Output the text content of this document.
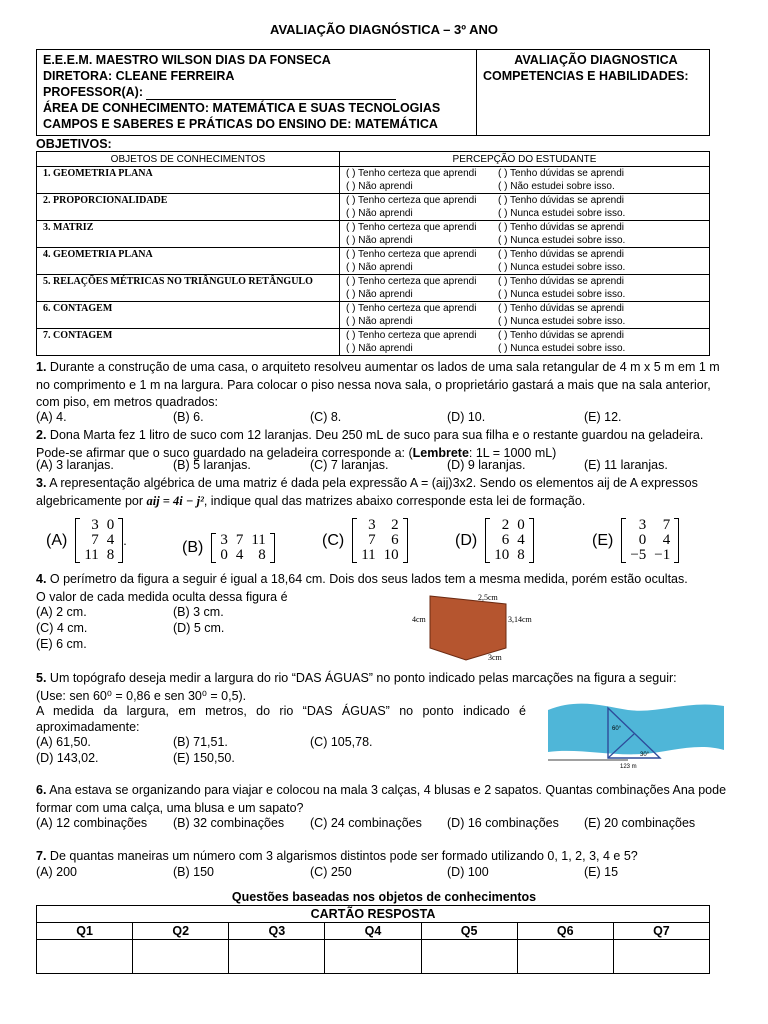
AVALIAÇÃO DIAGNÓSTICA – 3º ANO
E.E.E.M. MAESTRO WILSON DIAS DA FONSECA
DIRETORA: CLEANE FERREIRA
PROFESSOR(A):
ÁREA DE CONHECIMENTO: MATEMÁTICA E SUAS TECNOLOGIAS
CAMPOS E SABERES E PRÁTICAS DO ENSINO DE: MATEMÁTICA
AVALIAÇÃO DIAGNOSTICA
COMPETENCIAS E HABILIDADES:
OBJETIVOS:
OBJETOS DE CONHECIMENTOS	PERCEPÇÃO DO ESTUDANTE
1. GEOMETRIA PLANA	( ) Tenho certeza que aprendi ( ) Tenho dúvidas se aprendi
( ) Não aprendi ( ) Não estudei sobre isso.

2. PROPORCIONALIDADE	( ) Tenho certeza que aprendi ( ) Tenho dúvidas se aprendi
( ) Não aprendi ( ) Nunca estudei sobre isso.

3. MATRIZ	( ) Tenho certeza que aprendi ( ) Tenho dúvidas se aprendi
( ) Não aprendi ( ) Nunca estudei sobre isso.

4. GEOMETRIA PLANA	( ) Tenho certeza que aprendi ( ) Tenho dúvidas se aprendi
( ) Não aprendi ( ) Nunca estudei sobre isso.

5. RELAÇÕES MÉTRICAS NO TRIÂNGULO RETÂNGULO	( ) Tenho certeza que aprendi ( ) Tenho dúvidas se aprendi
( ) Não aprendi ( ) Nunca estudei sobre isso.

6. CONTAGEM	( ) Tenho certeza que aprendi ( ) Tenho dúvidas se aprendi
( ) Não aprendi ( ) Nunca estudei sobre isso.

7. CONTAGEM	( ) Tenho certeza que aprendi ( ) Tenho dúvidas se aprendi
( ) Não aprendi ( ) Nunca estudei sobre isso.
1. Durante a construção de uma casa, o arquiteto resolveu aumentar os lados de uma sala retangular de 4 m x 5 m em 1 m no comprimento e 1 m na largura. Para colocar o piso nessa nova sala, o proprietário gastará a mais que na sala anterior, com piso, em metros quadrados:
(A) 4.	(B) 6.	(C) 8.	(D) 10.	(E) 12.
2. Dona Marta fez 1 litro de suco com 12 laranjas. Deu 250 mL de suco para sua filha e o restante guardou na geladeira. Pode-se afirmar que o suco guardado na geladeira corresponde a: (Lembrete: 1L = 1000 mL)
(A) 3 laranjas.	(B) 5 laranjas.	(C) 7 laranjas.	(D) 9 laranjas.	(E) 11 laranjas.
3. A representação algébrica de uma matriz é dada pela expressão A = (aij)3x2. Sendo os elementos aij de A expressos
algebricamente por aij = 4i − j², indique qual das matrizes abaixo corresponde esta lei de formação.
(A)
3	0
7	4
11	8
.	(B) 3	7	11
0	4	8
(C)
3	2
7	6
11	10
(D)
2	0
6	4
10	8
(E)
3	7
0	4
−5	−1
4. O perímetro da figura a seguir é igual a 18,64 cm. Dois dos seus lados tem a mesma medida, porém estão ocultas.
O valor de cada medida oculta dessa figura é
(A) 2 cm.	(B) 3 cm.
(C) 4 cm.	(D) 5 cm.
(E) 6 cm.
2,5cm
4cm	3,14cm
3cm
5. Um topógrafo deseja medir a largura do rio “DAS ÁGUAS” no ponto indicado pelas marcações na figura a seguir:
(Use: sen 60⁰ = 0,86 e sen 30⁰ = 0,5).
A medida da largura, em metros, do rio “DAS ÁGUAS” no ponto indicado é
aproximadamente:
(A) 61,50.	(B) 71,51.	(C) 105,78.
(D) 143,02.	(E) 150,50.
60°
30°
123 m
6. Ana estava se organizando para viajar e colocou na mala 3 calças, 4 blusas e 2 sapatos. Quantas combinações Ana pode formar com uma calça, uma blusa e um sapato?
(A) 12 combinações (B) 32 combinações (C) 24 combinações (D) 16 combinações (E) 20 combinações
7. De quantas maneiras um número com 3 algarismos distintos pode ser formado utilizando 0, 1, 2, 3, 4 e 5?
(A) 200	(B) 150	(C) 250	(D) 100	(E) 15
Questões baseadas nos objetos de conhecimentos
CARTÃO RESPOSTA						
Q1	Q2	Q3	Q4	Q5	Q6	Q7
